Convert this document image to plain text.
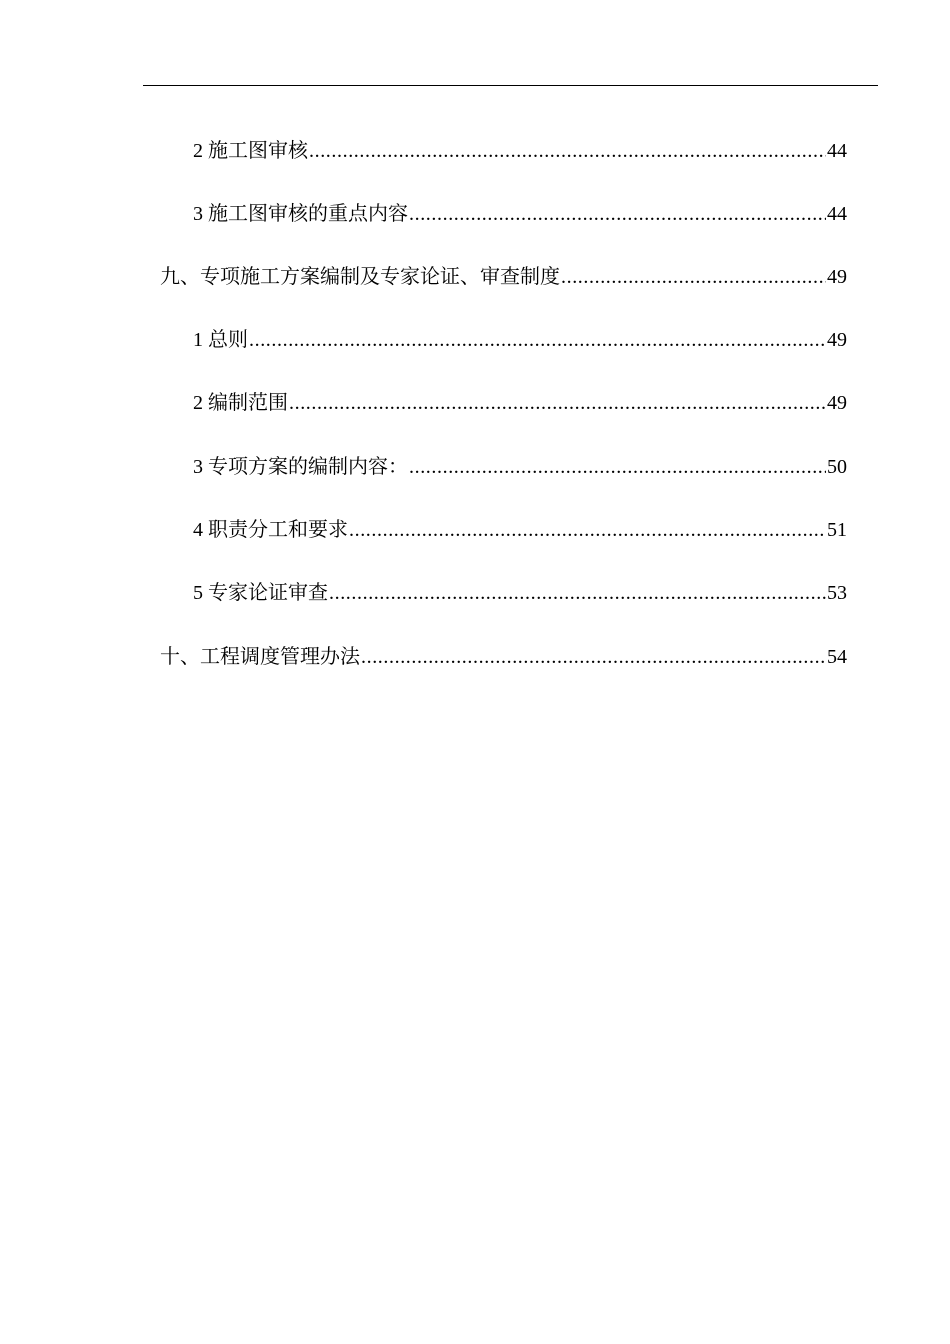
2 施工图审核 .....	44
3 施工图审核的重点内容 .....	44
九、专项施工方案编制及专家论证、审查制度 .....	49
1 总则 .....	49
2 编制范围 .....	49
3 专项方案的编制内容： .....	50
4 职责分工和要求 .....	51
5 专家论证审查 .....	53
十、工程调度管理办法 .....	54
